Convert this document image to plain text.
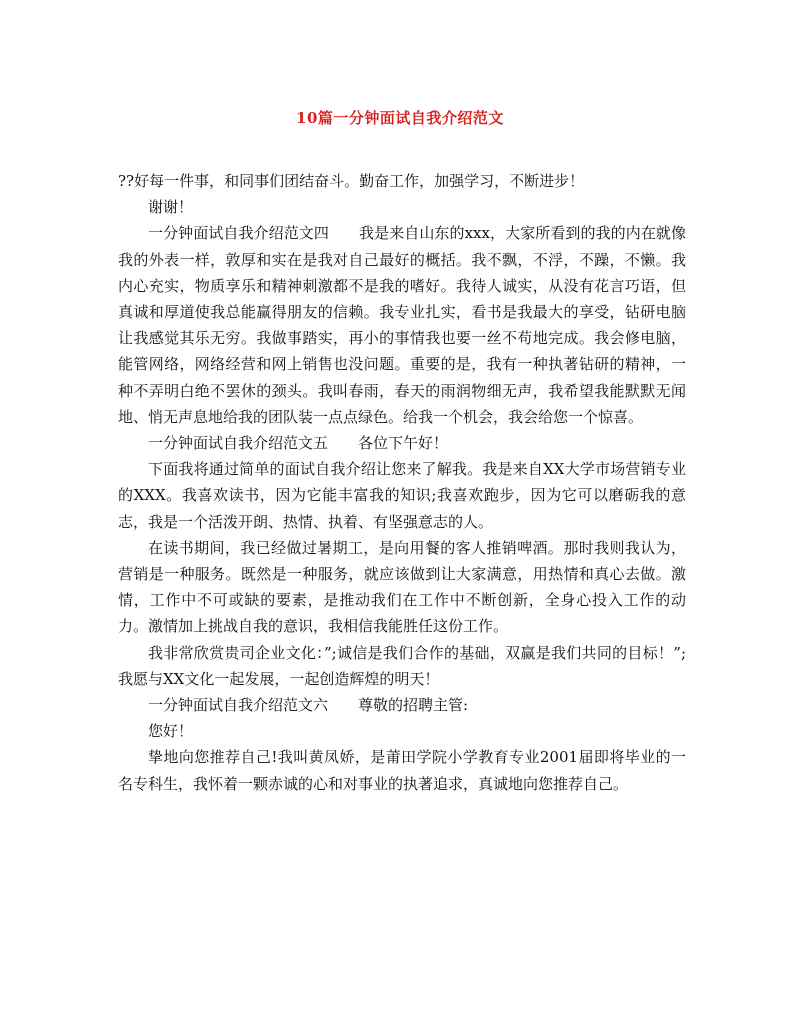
10篇一分钟面试自我介绍范文

??好每一件事，和同事们团结奋斗。勤奋工作，加强学习，不断进步！

谢谢！

一分钟面试自我介绍范文四 我是来自山东的xxx，大家所看到的我的内在就像我的外表一样，敦厚和实在是我对自己最好的概括。我不飘，不浮，不躁，不懒。我内心充实，物质享乐和精神刺激都不是我的嗜好。我待人诚实，从没有花言巧语，但真诚和厚道使我总能赢得朋友的信赖。我专业扎实，看书是我最大的享受，钻研电脑让我感觉其乐无穷。我做事踏实，再小的事情我也要一丝不苟地完成。我会修电脑，能管网络，网络经营和网上销售也没问题。重要的是，我有一种执著钻研的精神，一种不弄明白绝不罢休的颈头。我叫春雨，春天的雨润物细无声，我希望我能默默无闻地、悄无声息地给我的团队装一点点绿色。给我一个机会，我会给您一个惊喜。

一分钟面试自我介绍范文五 各位下午好！

下面我将通过简单的面试自我介绍让您来了解我。我是来自XX大学市场营销专业的XXX。我喜欢读书，因为它能丰富我的知识;我喜欢跑步，因为它可以磨砺我的意志，我是一个活泼开朗、热情、执着、有坚强意志的人。

在读书期间，我已经做过暑期工，是向用餐的客人推销啤酒。那时我则我认为，营销是一种服务。既然是一种服务，就应该做到让大家满意，用热情和真心去做。激情，工作中不可或缺的要素，是推动我们在工作中不断创新，全身心投入工作的动力。激情加上挑战自我的意识，我相信我能胜任这份工作。

我非常欣赏贵司企业文化：”;诚信是我们合作的基础，双赢是我们共同的目标！”;我愿与XX文化一起发展，一起创造辉煌的明天！

一分钟面试自我介绍范文六 尊敬的招聘主管:

您好！

挚地向您推荐自己!我叫黄凤娇，是莆田学院小学教育专业2001届即将毕业的一名专科生，我怀着一颗赤诚的心和对事业的执著追求，真诚地向您推荐自己。
